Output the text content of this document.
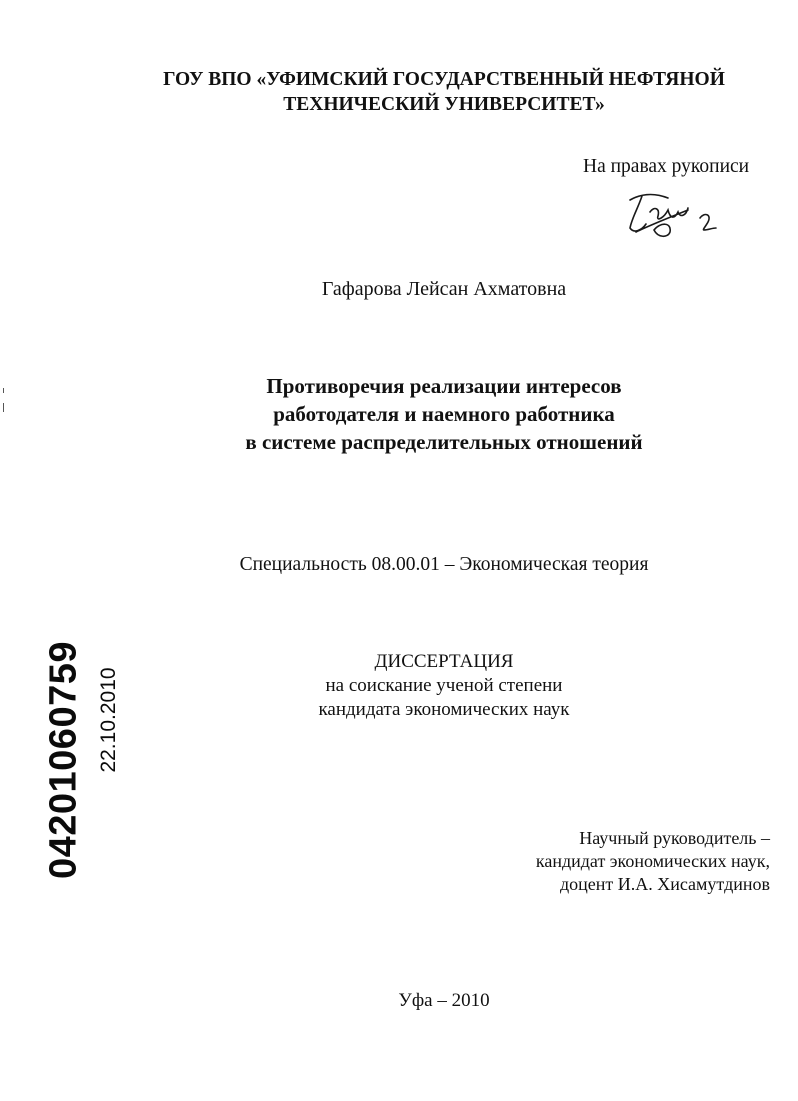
ГОУ ВПО «УФИМСКИЙ ГОСУДАРСТВЕННЫЙ НЕФТЯНОЙ
ТЕХНИЧЕСКИЙ УНИВЕРСИТЕТ»
На правах рукописи
Гафарова Лейсан Ахматовна
Противоречия реализации интересов
работодателя и наемного работника
в системе распределительных отношений
Специальность 08.00.01 – Экономическая теория
ДИССЕРТАЦИЯ
на соискание ученой степени
кандидата экономических наук
Научный руководитель –
кандидат экономических наук,
доцент И.А. Хисамутдинов
Уфа – 2010
04201060759 22.10.2010
